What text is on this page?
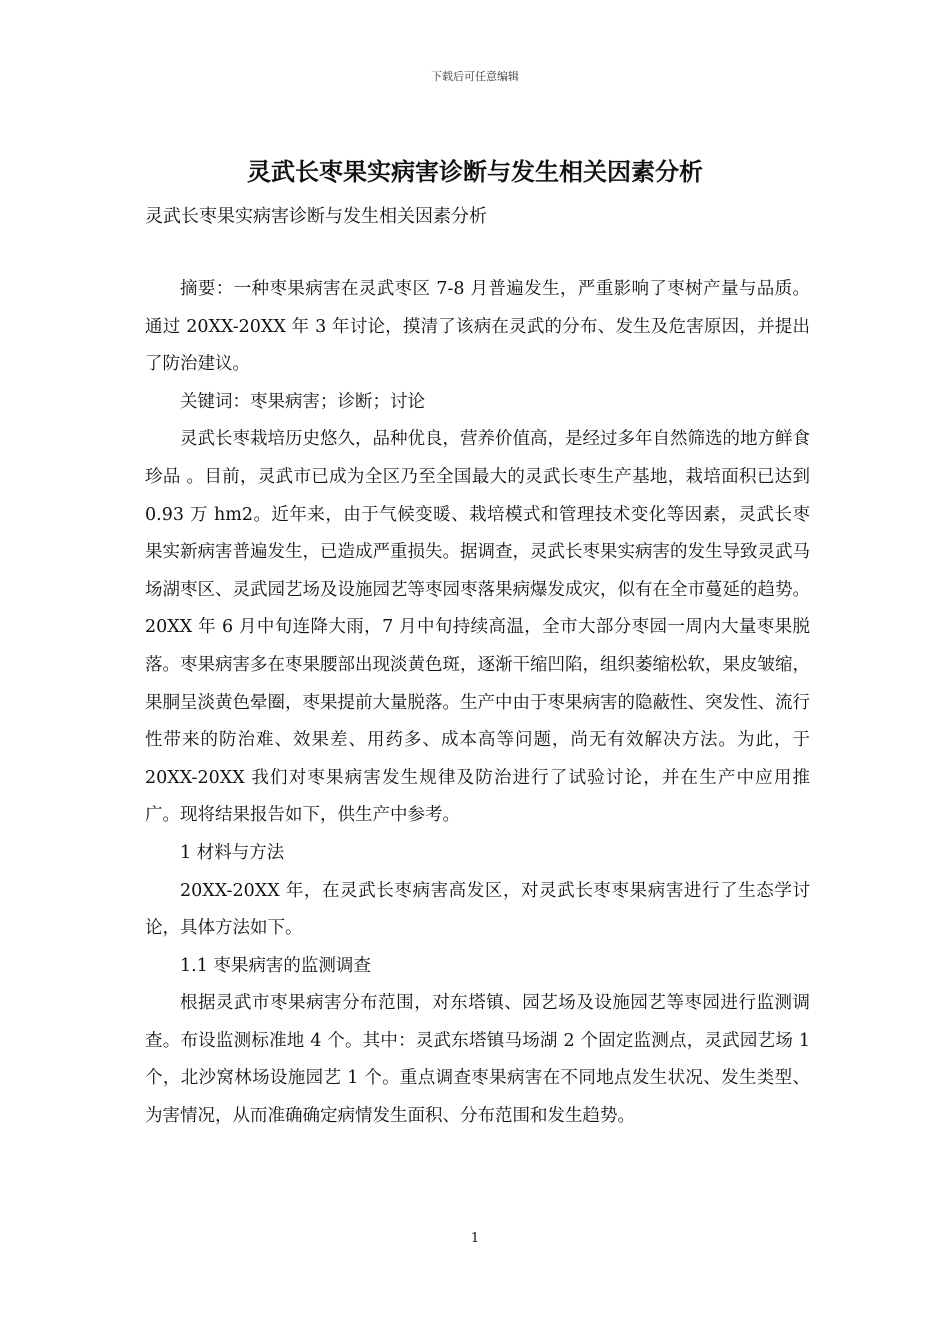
下载后可任意编辑
灵武长枣果实病害诊断与发生相关因素分析

灵武长枣果实病害诊断与发生相关因素分析

摘要：一种枣果病害在灵武枣区 7-8 月普遍发生，严重影响了枣树产量与品质。通过 20XX-20XX 年 3 年讨论，摸清了该病在灵武的分布、发生及危害原因，并提出了防治建议。

关键词：枣果病害；诊断；讨论

灵武长枣栽培历史悠久，品种优良，营养价值高，是经过多年自然筛选的地方鲜食珍品 。目前，灵武市已成为全区乃至全国最大的灵武长枣生产基地，栽培面积已达到 0.93 万 hm2。近年来，由于气候变暖、栽培模式和管理技术变化等因素，灵武长枣果实新病害普遍发生，已造成严重损失。据调查，灵武长枣果实病害的发生导致灵武马场湖枣区、灵武园艺场及设施园艺等枣园枣落果病爆发成灾，似有在全市蔓延的趋势。20XX 年 6 月中旬连降大雨，7 月中旬持续高温，全市大部分枣园一周内大量枣果脱落。枣果病害多在枣果腰部出现淡黄色斑，逐渐干缩凹陷，组织萎缩松软，果皮皱缩，果胴呈淡黄色晕圈，枣果提前大量脱落。生产中由于枣果病害的隐蔽性、突发性、流行性带来的防治难、效果差、用药多、成本高等问题，尚无有效解决方法。为此，于 20XX-20XX 我们对枣果病害发生规律及防治进行了试验讨论，并在生产中应用推广。现将结果报告如下，供生产中参考。

1 材料与方法

20XX-20XX 年，在灵武长枣病害高发区，对灵武长枣枣果病害进行了生态学讨论，具体方法如下。

1.1 枣果病害的监测调查

根据灵武市枣果病害分布范围，对东塔镇、园艺场及设施园艺等枣园进行监测调查。布设监测标准地 4 个。其中：灵武东塔镇马场湖 2 个固定监测点，灵武园艺场 1 个，北沙窝林场设施园艺 1 个。重点调查枣果病害在不同地点发生状况、发生类型、为害情况，从而准确确定病情发生面积、分布范围和发生趋势。

1
